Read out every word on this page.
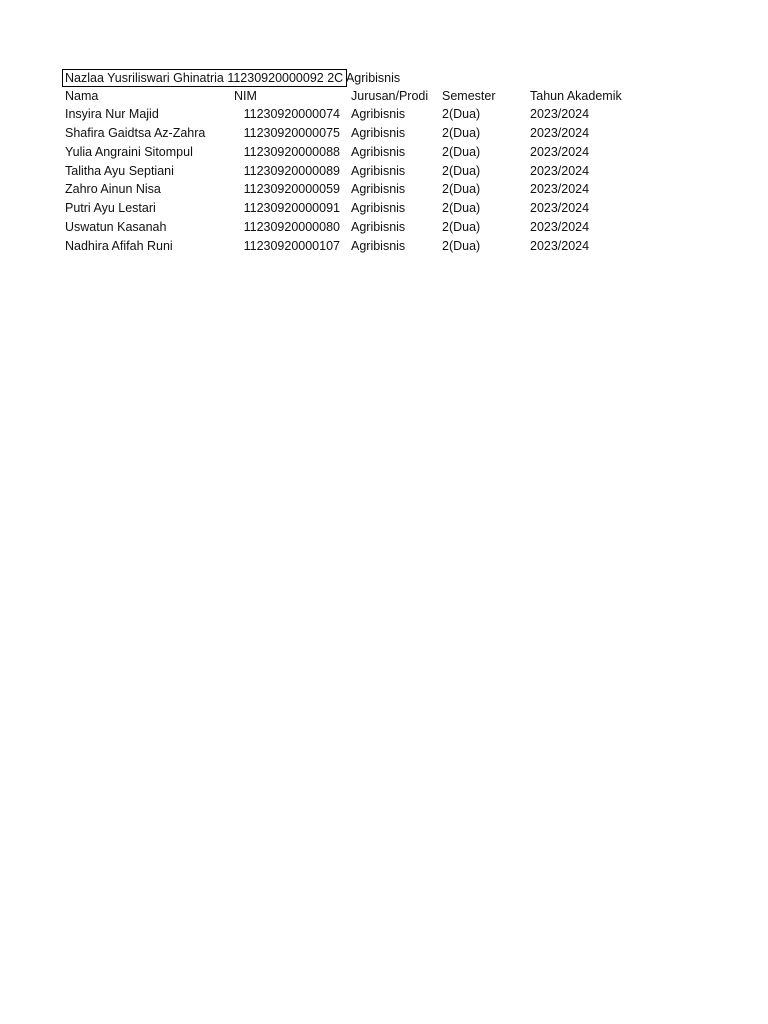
Nazlaa Yusriliswari Ghinatria 11230920000092 2C Agribisnis
Nama	NIM	Jurusan/Prodi Semester	Tahun Akademik
Insyira Nur Majid	11230920000074 Agribisnis	2(Dua)	2023/2024
Shafira Gaidtsa Az-Zahra	11230920000075 Agribisnis	2(Dua)	2023/2024
Yulia Angraini Sitompul	11230920000088 Agribisnis	2(Dua)	2023/2024
Talitha Ayu Septiani	11230920000089 Agribisnis	2(Dua)	2023/2024
Zahro Ainun Nisa	11230920000059 Agribisnis	2(Dua)	2023/2024
Putri Ayu Lestari	11230920000091 Agribisnis	2(Dua)	2023/2024
Uswatun Kasanah	11230920000080 Agribisnis	2(Dua)	2023/2024
Nadhira Afifah Runi	11230920000107 Agribisnis	2(Dua)	2023/2024
